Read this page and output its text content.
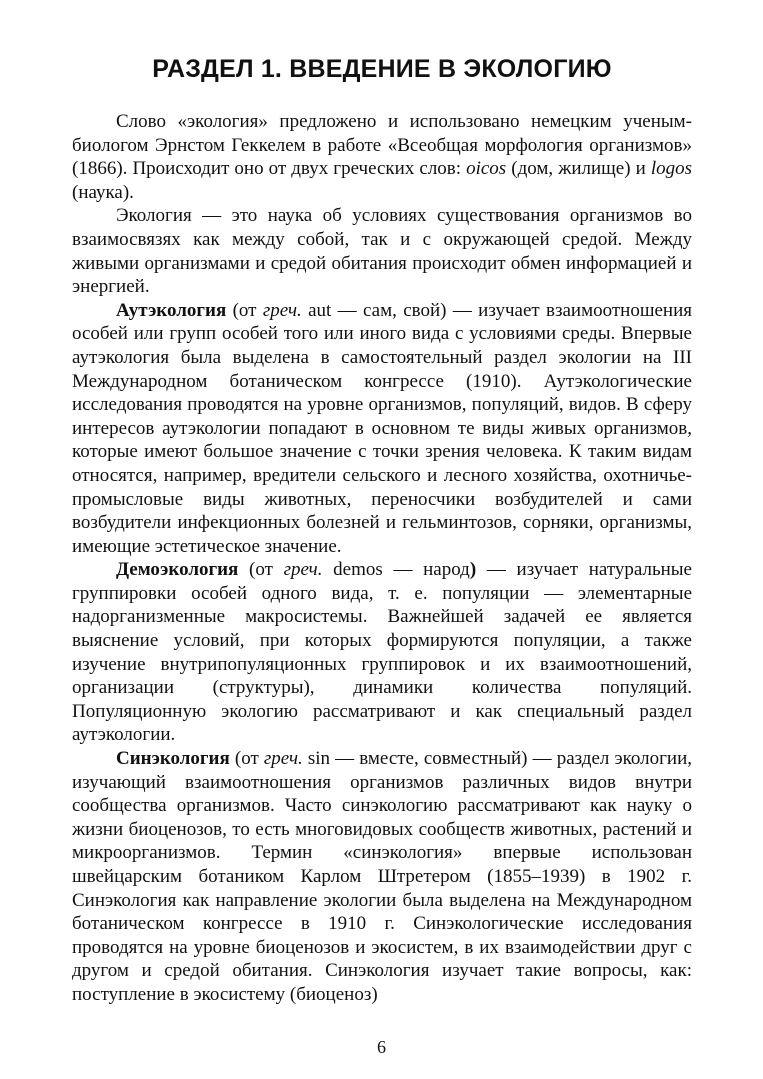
РАЗДЕЛ 1. ВВЕДЕНИЕ В ЭКОЛОГИЮ

Слово «экология» предложено и использовано немецким ученым-биологом Эрнстом Геккелем в работе «Всеобщая морфология организмов» (1866). Происходит оно от двух греческих слов: oicos (дом, жилище) и logos (наука).

Экология — это наука об условиях существования организмов во взаимосвязях как между собой, так и с окружающей средой. Между живыми организмами и средой обитания происходит обмен информацией и энергией.

Аутэкология (от греч. aut — сам, свой) — изучает взаимоотношения особей или групп особей того или иного вида с условиями среды. Впервые аутэкология была выделена в самостоятельный раздел экологии на III Международном ботаническом конгрессе (1910). Аутэкологические исследования проводятся на уровне организмов, популяций, видов. В сферу интересов аутэкологии попадают в основном те виды живых организмов, которые имеют большое значение с точки зрения человека. К таким видам относятся, например, вредители сельского и лесного хозяйства, охотничье-промысловые виды животных, переносчики возбудителей и сами возбудители инфекционных болезней и гельминтозов, сорняки, организмы, имеющие эстетическое значение.

Демоэкология (от греч. demos — народ) — изучает натуральные группировки особей одного вида, т. е. популяции — элементарные надорганизменные макросистемы. Важнейшей задачей ее является выяснение условий, при которых формируются популяции, а также изучение внутрипопуляционных группировок и их взаимоотношений, организации (структуры), динамики количества популяций. Популяционную экологию рассматривают и как специальный раздел аутэкологии.

Синэкология (от греч. sin — вместе, совместный) — раздел экологии, изучающий взаимоотношения организмов различных видов внутри сообщества организмов. Часто синэкологию рассматривают как науку о жизни биоценозов, то есть многовидовых сообществ животных, растений и микроорганизмов. Термин «синэкология» впервые использован швейцарским ботаником Карлом Штретером (1855–1939) в 1902 г. Синэкология как направление экологии была выделена на Международном ботаническом конгрессе в 1910 г. Синэкологические исследования проводятся на уровне биоценозов и экосистем, в их взаимодействии друг с другом и средой обитания. Синэкология изучает такие вопросы, как: поступление в экосистему (биоценоз)

6
